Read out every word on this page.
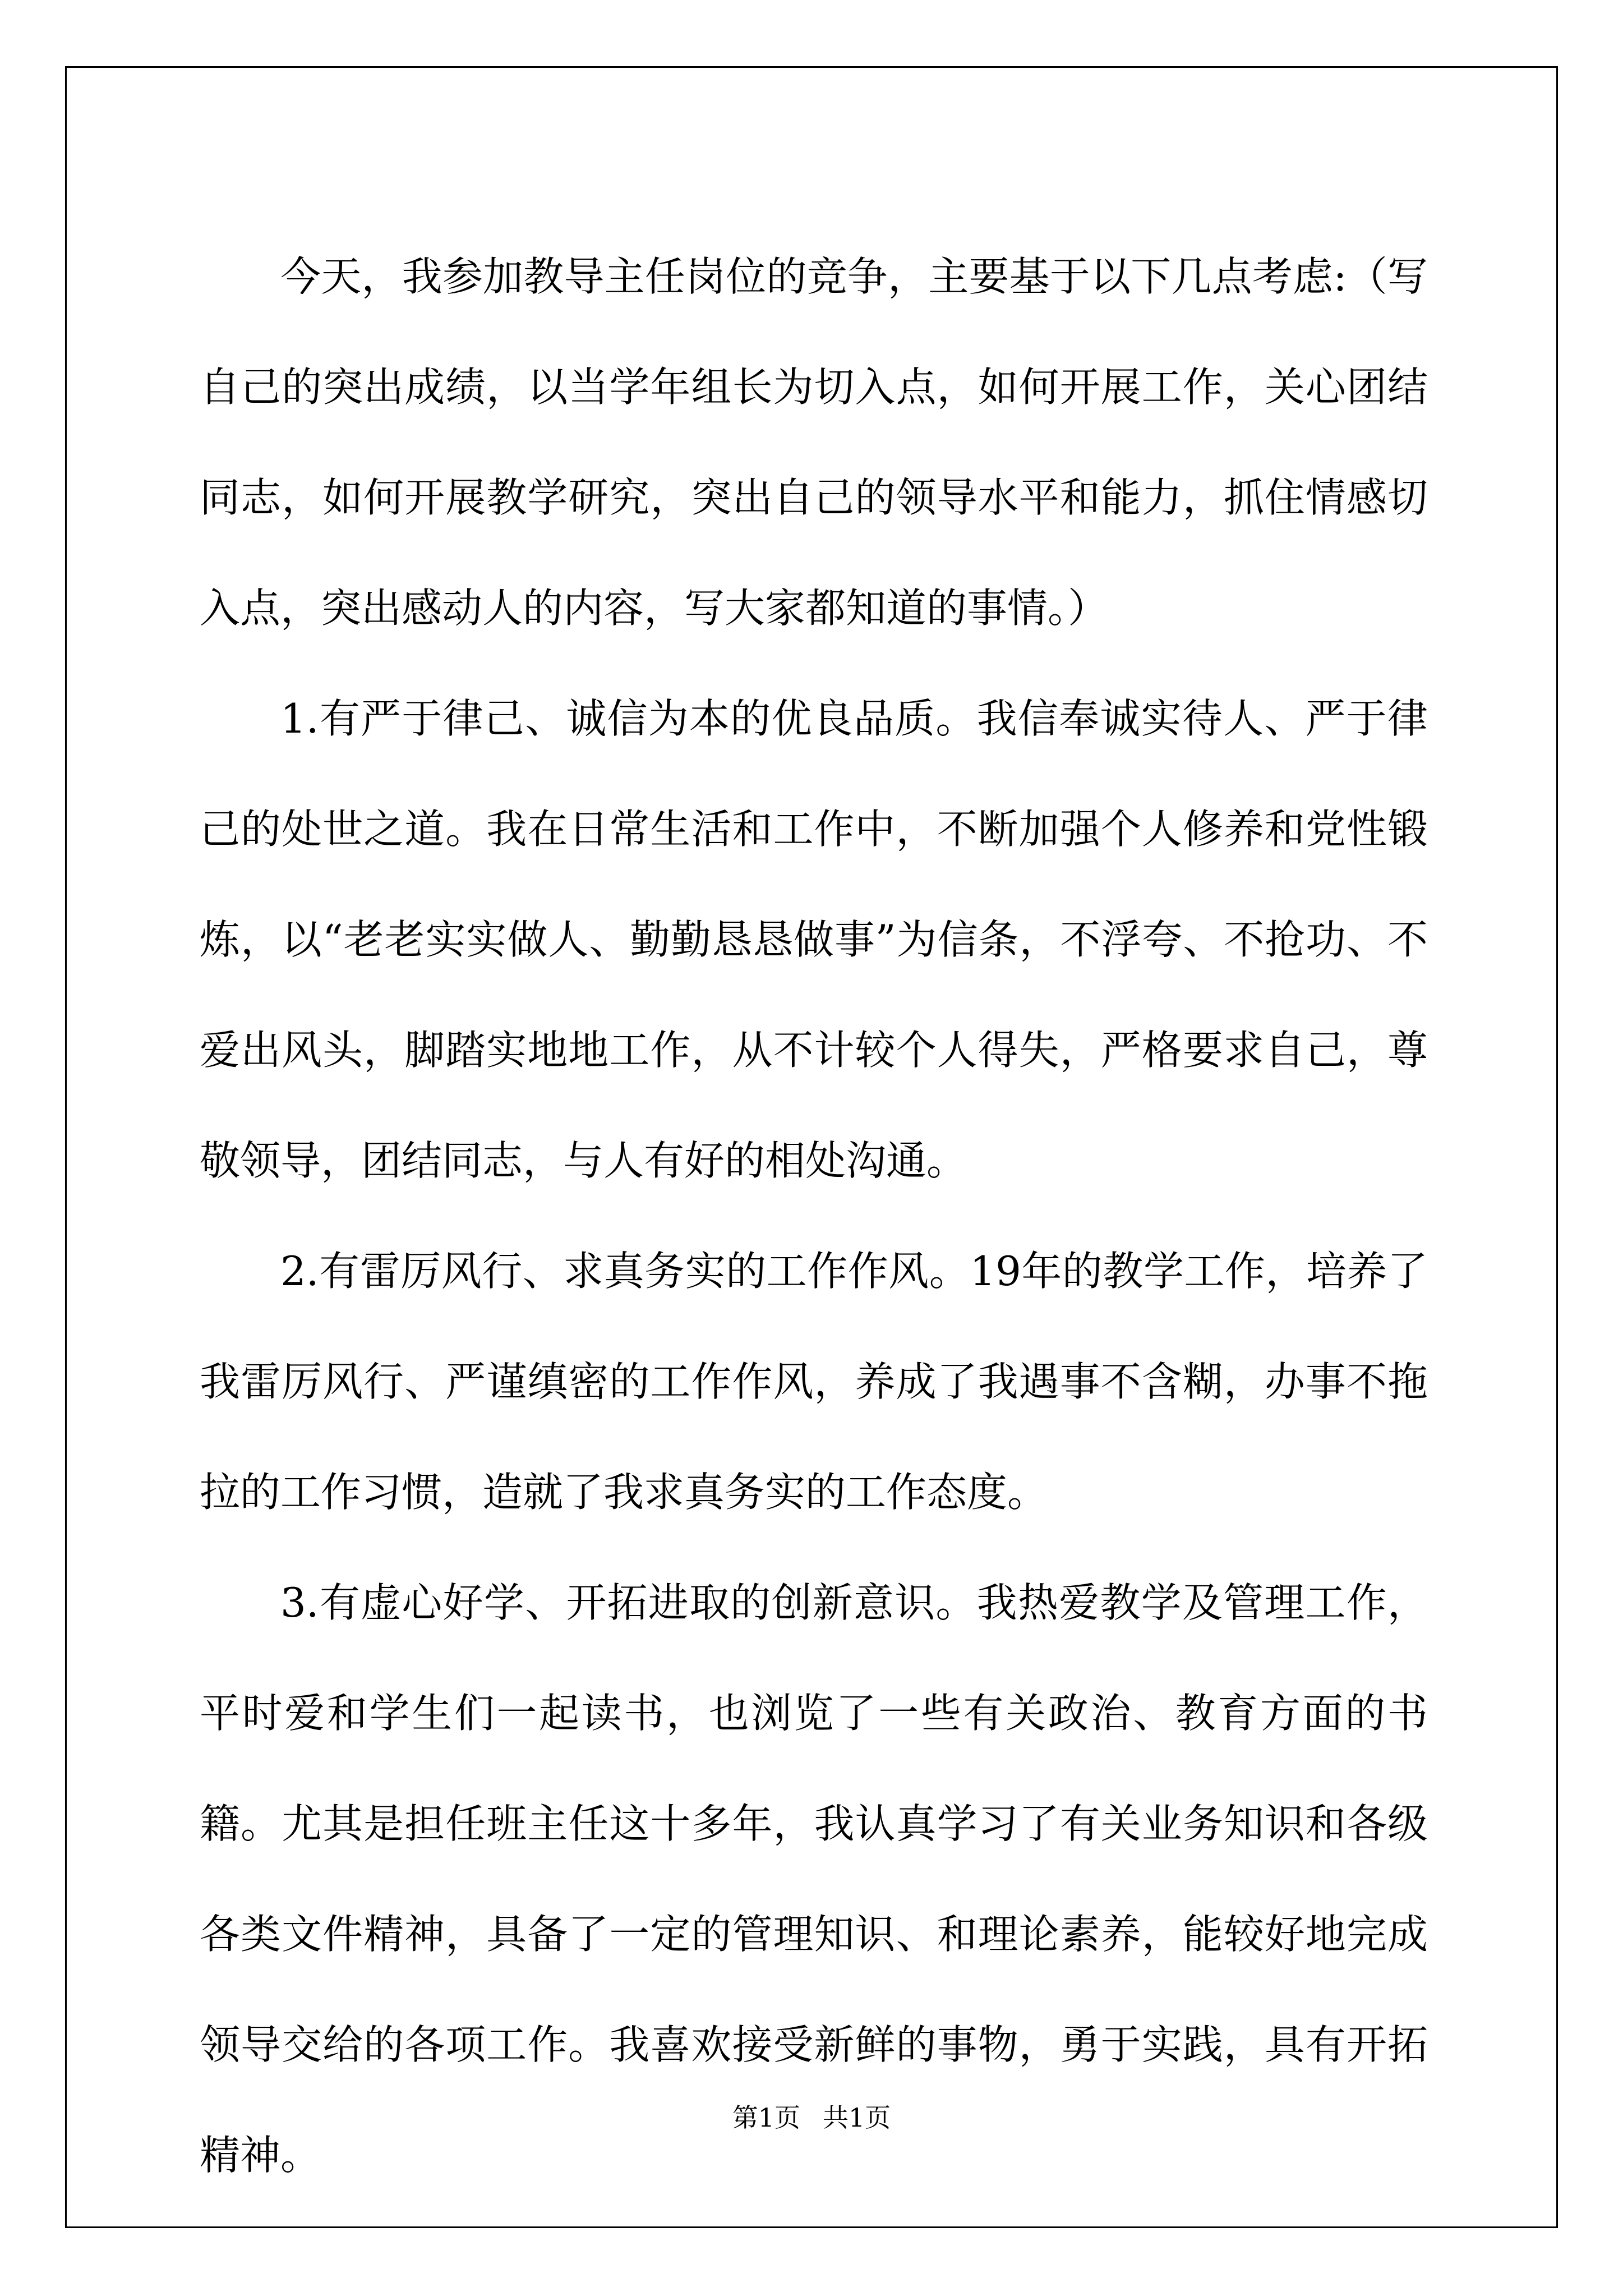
今天，我参加教导主任岗位的竞争，主要基于以下几点考虑:（写自己的突出成绩，以当学年组长为切入点，如何开展工作，关心团结同志，如何开展教学研究，突出自己的领导水平和能力，抓住情感切入点，突出感动人的内容，写大家都知道的事情。）

1.有严于律己、诚信为本的优良品质。我信奉诚实待人、严于律己的处世之道。我在日常生活和工作中，不断加强个人修养和党性锻炼，以“老老实实做人、勤勤恳恳做事”为信条，不浮夸、不抢功、不爱出风头，脚踏实地地工作，从不计较个人得失，严格要求自己，尊敬领导，团结同志，与人有好的相处沟通。

2.有雷厉风行、求真务实的工作作风。19年的教学工作，培养了我雷厉风行、严谨缜密的工作作风，养成了我遇事不含糊，办事不拖拉的工作习惯，造就了我求真务实的工作态度。

3.有虚心好学、开拓进取的创新意识。我热爱教学及管理工作，平时爱和学生们一起读书，也浏览了一些有关政治、教育方面的书籍。尤其是担任班主任这十多年，我认真学习了有关业务知识和各级各类文件精神，具备了一定的管理知识、和理论素养，能较好地完成领导交给的各项工作。我喜欢接受新鲜的事物，勇于实践，具有开拓精神。

第1页 共1页
